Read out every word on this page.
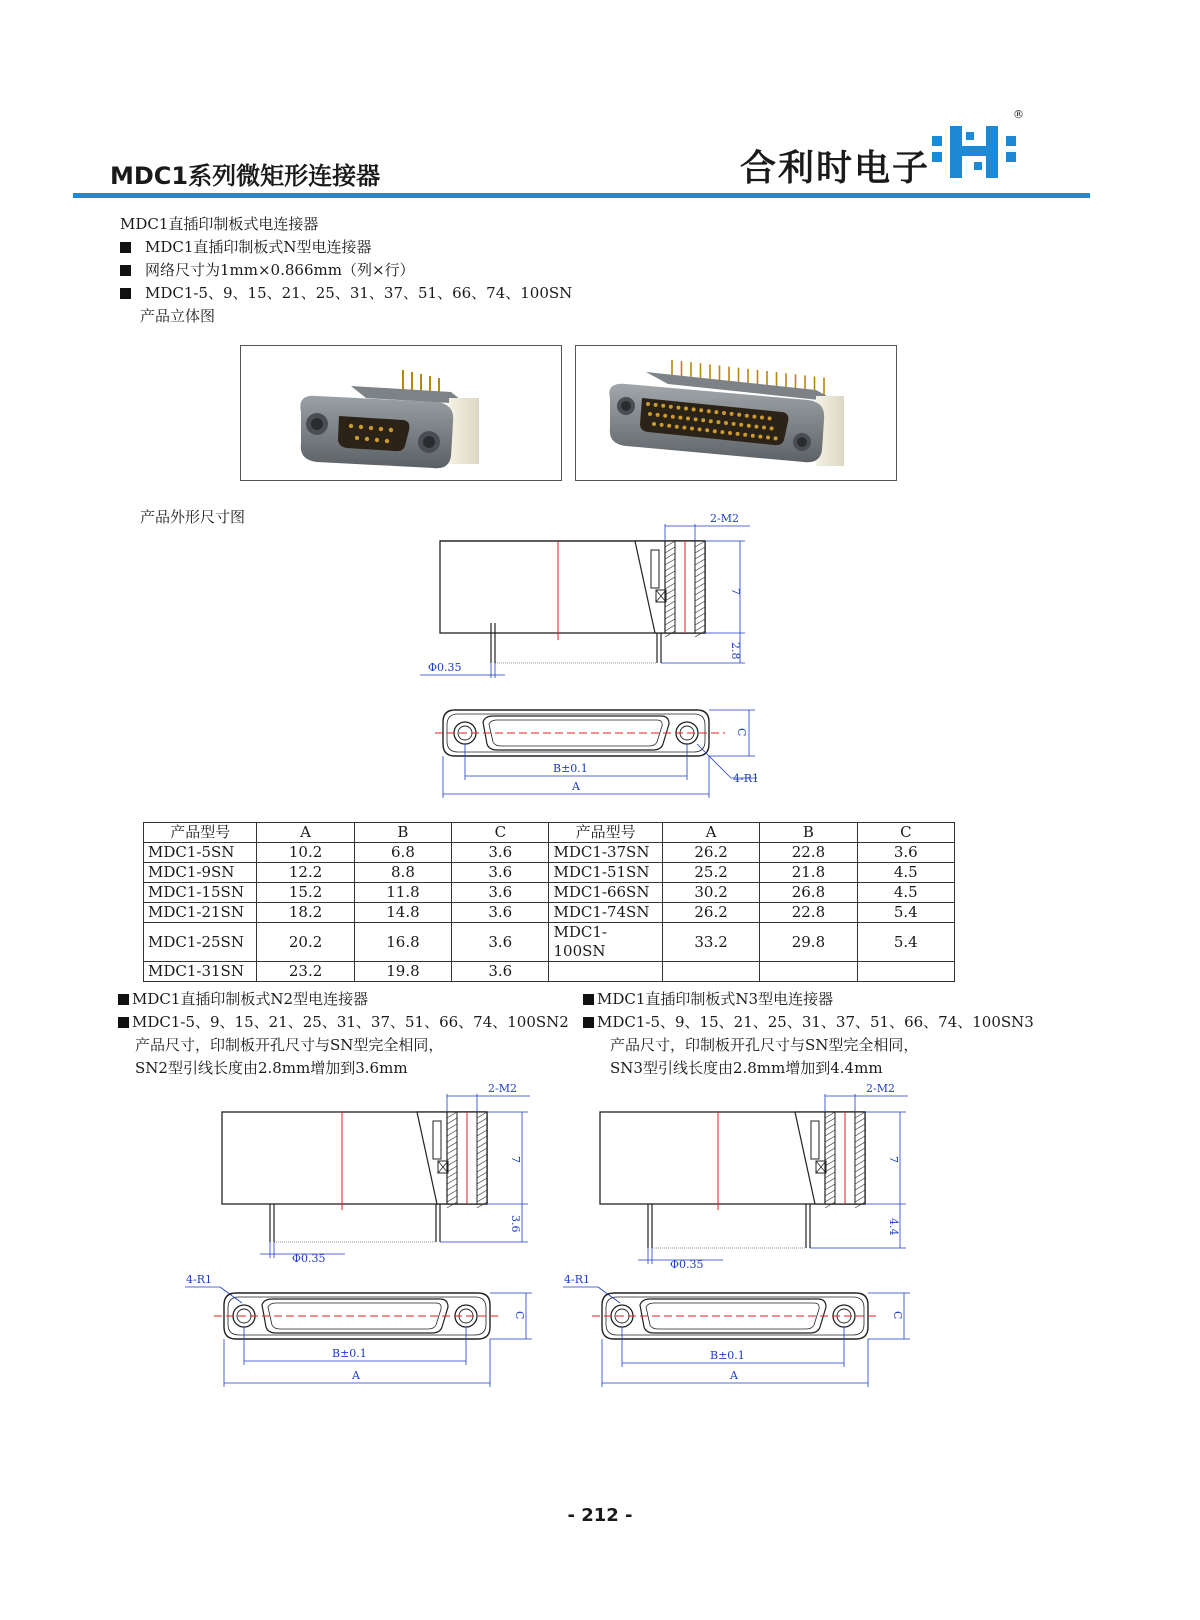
MDC1系列微矩形连接器	合利时电子
®
MDC1直插印制板式电连接器
MDC1直插印制板式N型电连接器
网络尺寸为1mm×0.866mm（列×行）
MDC1-5、9、15、21、25、31、37、51、66、74、100SN
产品立体图
产品外形尺寸图	2-M2
7
2.8
Φ0.35
C
B±0.1
A
4-R1
产品型号	A	B	C	产品型号	A	B	C
MDC1-5SN	10.2	6.8	3.6	MDC1-37SN	26.2	22.8	3.6
MDC1-9SN	12.2	8.8	3.6	MDC1-51SN	25.2	21.8	4.5
MDC1-15SN	15.2	11.8	3.6	MDC1-66SN	30.2	26.8	4.5
MDC1-21SN	18.2	14.8	3.6	MDC1-74SN	26.2	22.8	5.4
MDC1-25SN	20.2	16.8	3.6	MDC1-100SN	33.2	29.8	5.4
MDC1-31SN	23.2	19.8	3.6				
MDC1直插印制板式N2型电连接器
MDC1-5、9、15、21、25、31、37、51、66、74、100SN2
产品尺寸，印制板开孔尺寸与SN型完全相同，
SN2型引线长度由2.8mm增加到3.6mm
MDC1直插印制板式N3型电连接器
MDC1-5、9、15、21、25、31、37、51、66、74、100SN3
产品尺寸，印制板开孔尺寸与SN型完全相同，
SN3型引线长度由2.8mm增加到4.4mm
2-M2
7
3.6
Φ0.35
2-M2
7
4.4
Φ0.35
4-R1
C
B±0.1
A
4-R1
C
B±0.1
A
- 212 -
